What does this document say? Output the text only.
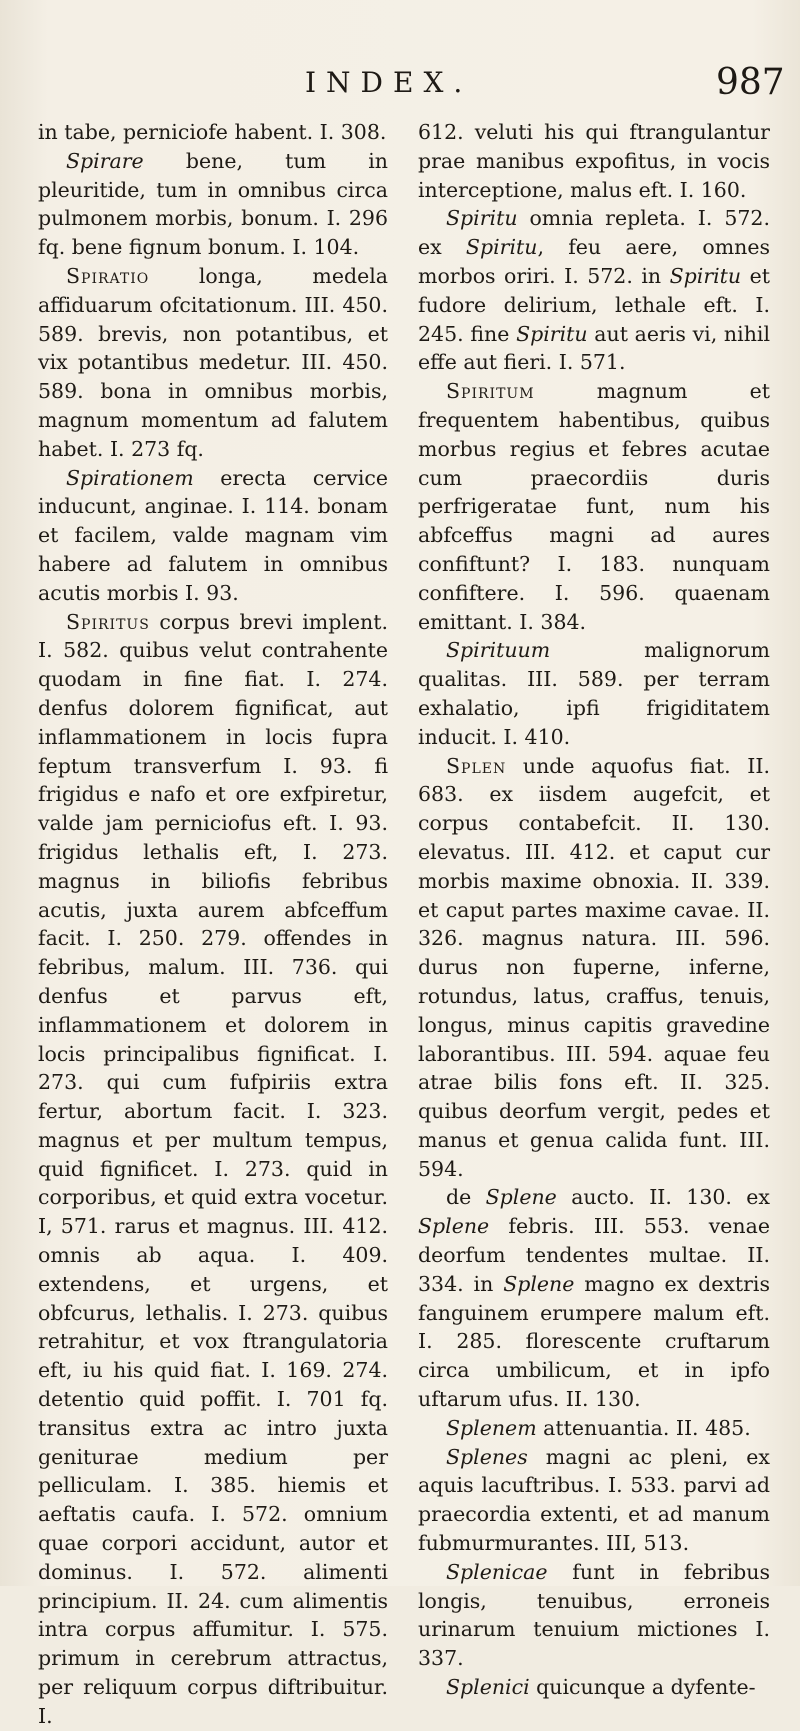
INDEX.	987

in tabe, perniciofe habent. I. 308.

Spirare bene, tum in pleuritide, tum in omnibus circa pulmonem morbis, bonum. I. 296 fq. bene fignum bonum. I. 104.

Spiratio longa, medela affiduarum ofcitationum. III. 450. 589. brevis, non potantibus, et vix potantibus medetur. III. 450. 589. bona in omnibus morbis, magnum momentum ad falutem habet. I. 273 fq.

Spirationem erecta cervice inducunt, anginae. I. 114. bonam et facilem, valde magnam vim habere ad falutem in omnibus acutis morbis I. 93.

Spiritus corpus brevi implent. I. 582. quibus velut contrahente quodam in fine fiat. I. 274. denfus dolorem fignificat, aut inflammationem in locis fupra feptum transverfum I. 93. fi frigidus e nafo et ore exfpiretur, valde jam perniciofus eft. I. 93. frigidus lethalis eft, I. 273. magnus in biliofis febribus acutis, juxta aurem abfceffum facit. I. 250. 279. offendes in febribus, malum. III. 736. qui denfus et parvus eft, inflammationem et dolorem in locis principalibus fignificat. I. 273. qui cum fufpiriis extra fertur, abortum facit. I. 323. magnus et per multum tempus, quid fignificet. I. 273. quid in corporibus, et quid extra vocetur. I, 571. rarus et magnus. III. 412. omnis ab aqua. I. 409. extendens, et urgens, et obfcurus, lethalis. I. 273. quibus retrahitur, et vox ftrangulatoria eft, iu his quid fiat. I. 169. 274. detentio quid poffit. I. 701 fq. transitus extra ac intro juxta geniturae medium per pelliculam. I. 385. hiemis et aeftatis caufa. I. 572. omnium quae corpori accidunt, autor et dominus. I. 572. alimenti principium. II. 24. cum alimentis intra corpus affumitur. I. 575. primum in cerebrum attractus, per reliquum corpus diftribuitur. I.

612. veluti his qui ftrangulantur prae manibus expofitus, in vocis interceptione, malus eft. I. 160.

Spiritu omnia repleta. I. 572. ex Spiritu, feu aere, omnes morbos oriri. I. 572. in Spiritu et fudore delirium, lethale eft. I. 245. fine Spiritu aut aeris vi, nihil effe aut fieri. I. 571.

Spiritum magnum et frequentem habentibus, quibus morbus regius et febres acutae cum praecordiis duris perfrigeratae funt, num his abfceffus magni ad aures confiftunt? I. 183. nunquam confiftere. I. 596. quaenam emittant. I. 384.

Spirituum malignorum qualitas. III. 589. per terram exhalatio, ipfi frigiditatem inducit. I. 410.

Splen unde aquofus fiat. II. 683. ex iisdem augefcit, et corpus contabefcit. II. 130. elevatus. III. 412. et caput cur morbis maxime obnoxia. II. 339. et caput partes maxime cavae. II. 326. magnus natura. III. 596. durus non fuperne, inferne, rotundus, latus, craffus, tenuis, longus, minus capitis gravedine laborantibus. III. 594. aquae feu atrae bilis fons eft. II. 325. quibus deorfum vergit, pedes et manus et genua calida funt. III. 594.

de Splene aucto. II. 130. ex Splene febris. III. 553. venae deorfum tendentes multae. II. 334. in Splene magno ex dextris fanguinem erumpere malum eft. I. 285. florescente cruftarum circa umbilicum, et in ipfo uftarum ufus. II. 130.

Splenem attenuantia. II. 485.

Splenes magni ac pleni, ex aquis lacuftribus. I. 533. parvi ad praecordia extenti, et ad manum fubmurmurantes. III, 513.

Splenicae funt in febribus longis, tenuibus, erroneis urinarum tenuium mictiones I. 337.

Splenici quicunque a dyfente-
